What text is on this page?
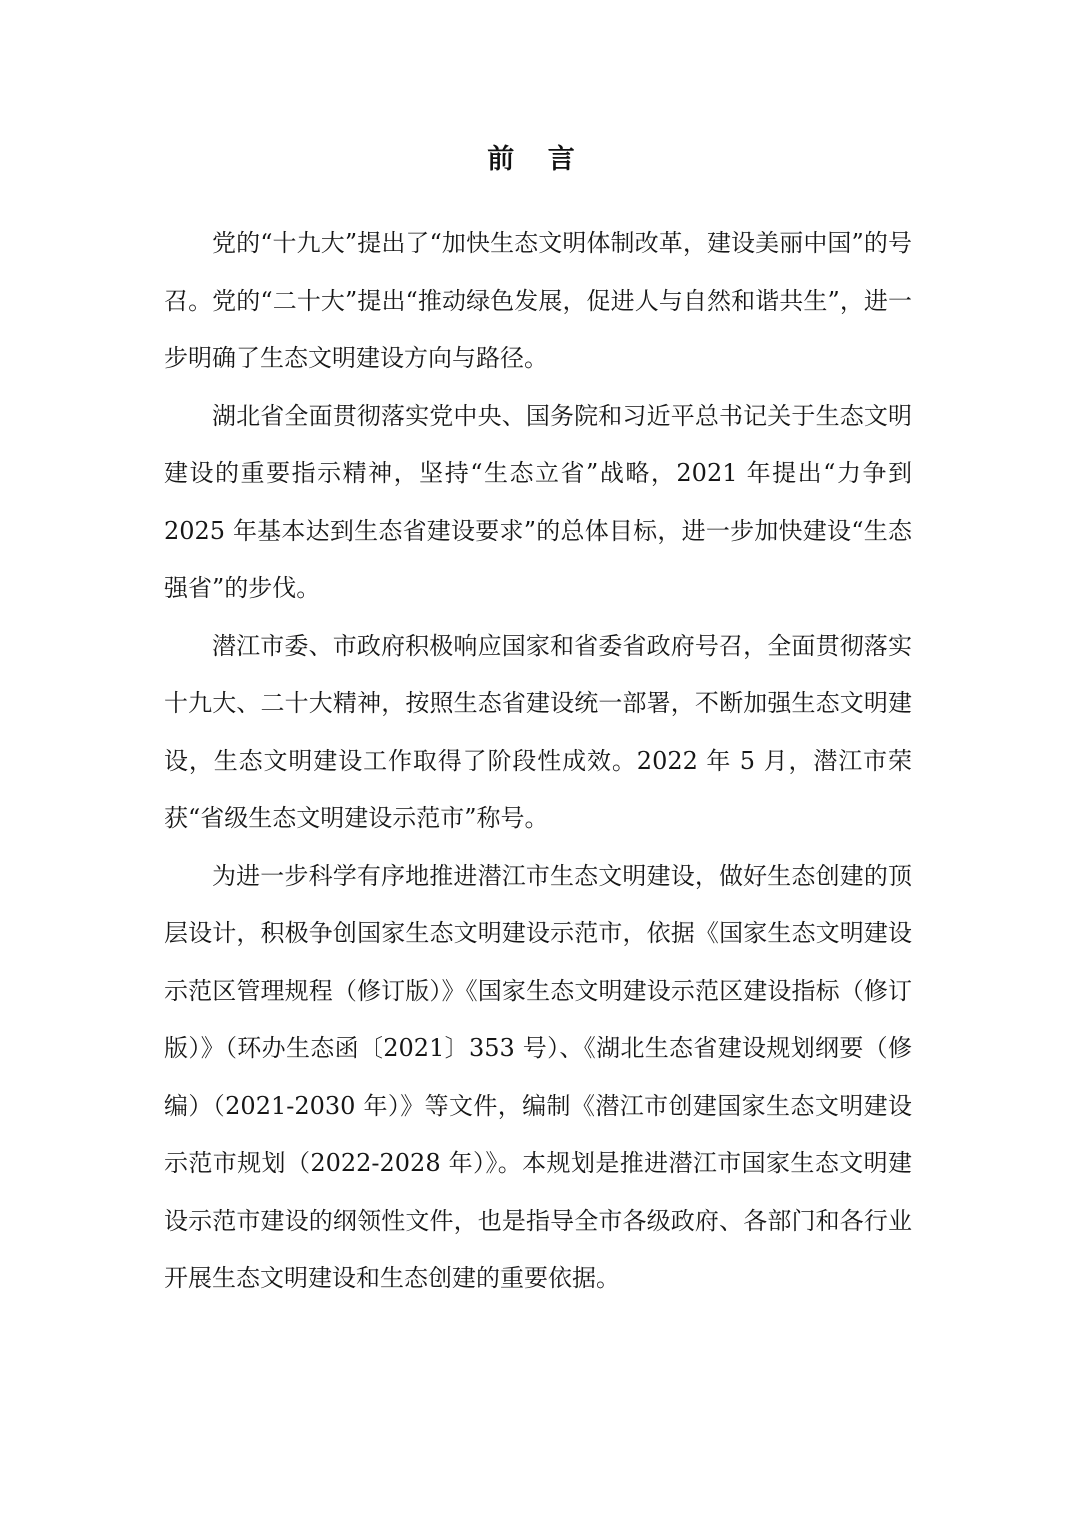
前 言

党的“十九大”提出了“加快生态文明体制改革，建设美丽中国”的号召。党的“二十大”提出“推动绿色发展，促进人与自然和谐共生”，进一步明确了生态文明建设方向与路径。

湖北省全面贯彻落实党中央、国务院和习近平总书记关于生态文明建设的重要指示精神，坚持“生态立省”战略，2021 年提出“力争到 2025 年基本达到生态省建设要求”的总体目标，进一步加快建设“生态强省”的步伐。

潜江市委、市政府积极响应国家和省委省政府号召，全面贯彻落实十九大、二十大精神，按照生态省建设统一部署，不断加强生态文明建设，生态文明建设工作取得了阶段性成效。2022 年 5 月，潜江市荣获“省级生态文明建设示范市”称号。

为进一步科学有序地推进潜江市生态文明建设，做好生态创建的顶层设计，积极争创国家生态文明建设示范市，依据《国家生态文明建设示范区管理规程（修订版）》《国家生态文明建设示范区建设指标（修订版）》（环办生态函〔2021〕353 号）、《湖北生态省建设规划纲要（修编）（2021-2030 年）》等文件，编制《潜江市创建国家生态文明建设示范市规划（2022-2028 年）》。本规划是推进潜江市国家生态文明建设示范市建设的纲领性文件，也是指导全市各级政府、各部门和各行业开展生态文明建设和生态创建的重要依据。
